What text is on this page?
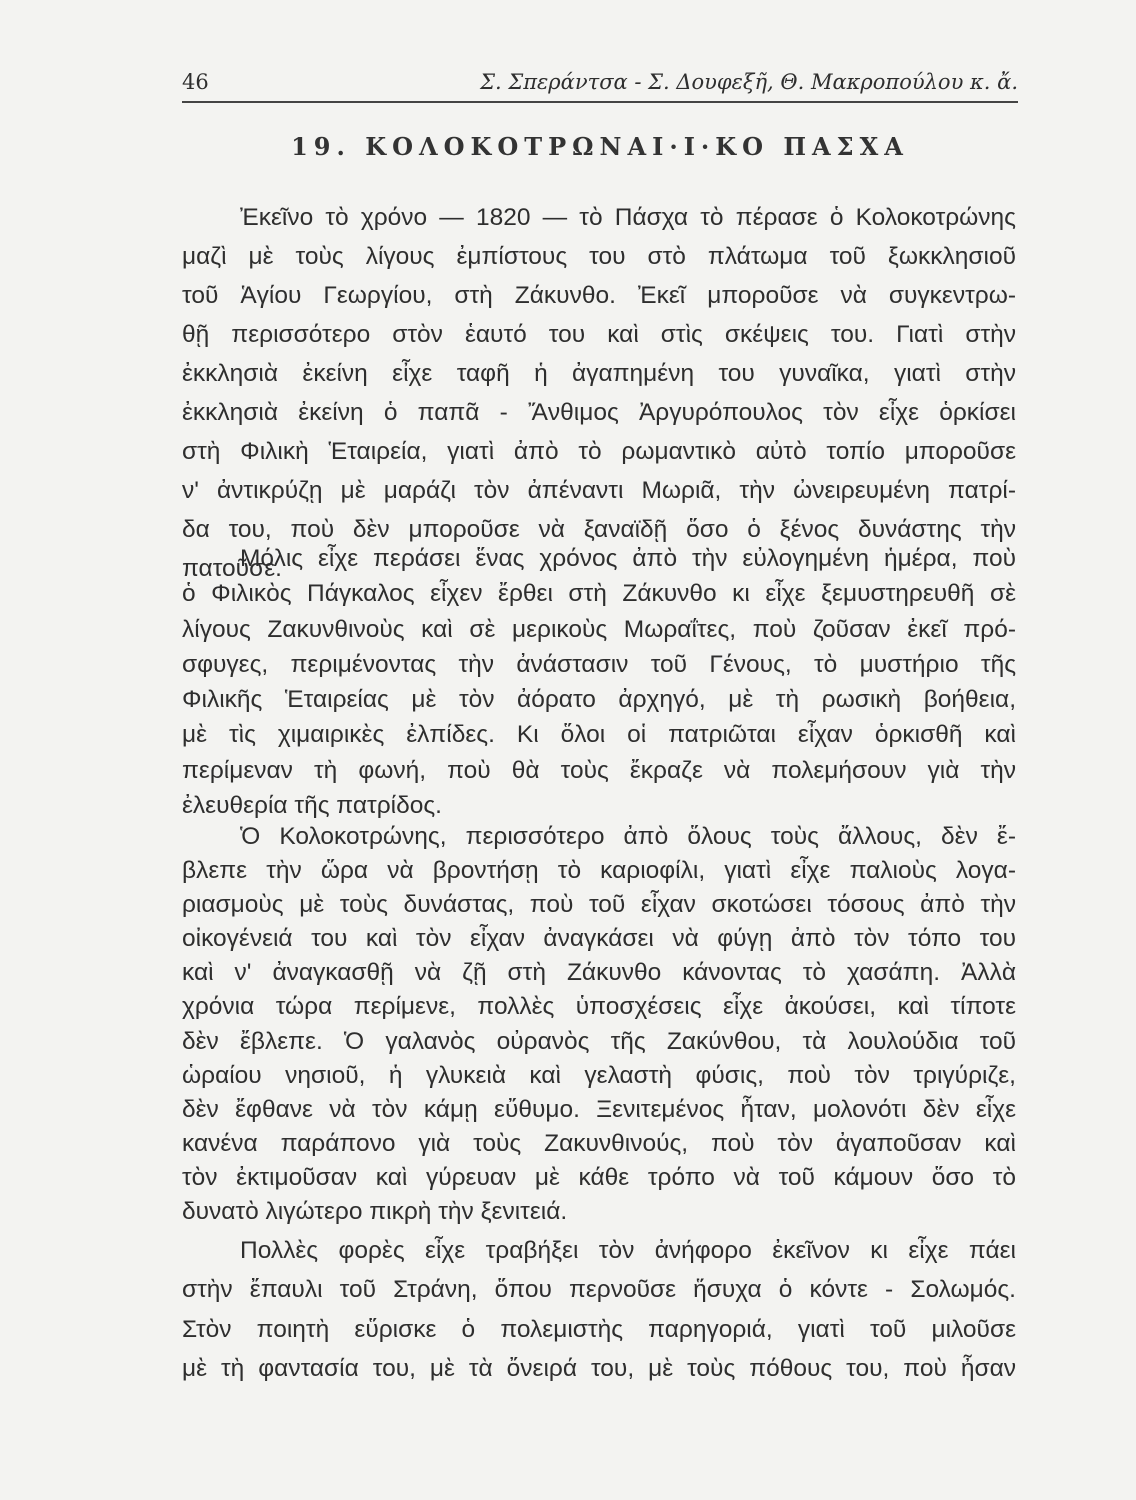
46	Σ. Σπεράντσα - Σ. Δουφεξῆ, Θ. Μακροπούλου κ. ἄ.
19. ΚΟΛΟΚΟΤΡΩΝΑΙ·Ι·ΚΟ ΠΑΣΧΑ
Ἐκεῖνο τὸ χρόνο — 1820 — τὸ Πάσχα τὸ πέρασε ὁ Κολοκοτρώνης
μαζὶ μὲ τοὺς λίγους ἐμπίστους του στὸ πλάτωμα τοῦ ξωκκλησιοῦ
τοῦ Ἁγίου Γεωργίου, στὴ Ζάκυνθο. Ἐκεῖ μποροῦσε νὰ συγκεντρω-
θῇ περισσότερο στὸν ἑαυτό του καὶ στὶς σκέψεις του. Γιατὶ στὴν
ἐκκλησιὰ ἐκείνη εἶχε ταφῆ ἡ ἀγαπημένη του γυναῖκα, γιατὶ στὴν
ἐκκλησιὰ ἐκείνη ὁ παπᾶ - Ἄνθιμος Ἀργυρόπουλος τὸν εἶχε ὁρκίσει
στὴ Φιλικὴ Ἑταιρεία, γιατὶ ἀπὸ τὸ ρωμαντικὸ αὐτὸ τοπίο μποροῦσε
ν' ἀντικρύζῃ μὲ μαράζι τὸν ἀπέναντι Μωριᾶ, τὴν ὠνειρευμένη πατρί-
δα του, ποὺ δὲν μποροῦσε νὰ ξαναϊδῇ ὅσο ὁ ξένος δυνάστης τὴν
πατοῦσε.
Μόλις εἶχε περάσει ἕνας χρόνος ἀπὸ τὴν εὐλογημένη ἡμέρα, ποὺ
ὁ Φιλικὸς Πάγκαλος εἶχεν ἔρθει στὴ Ζάκυνθο κι εἶχε ξεμυστηρευθῆ σὲ
λίγους Ζακυνθινοὺς καὶ σὲ μερικοὺς Μωραΐτες, ποὺ ζοῦσαν ἐκεῖ πρό-
σφυγες, περιμένοντας τὴν ἀνάστασιν τοῦ Γένους, τὸ μυστήριο τῆς
Φιλικῆς Ἑταιρείας μὲ τὸν ἀόρατο ἀρχηγό, μὲ τὴ ρωσικὴ βοήθεια,
μὲ τὶς χιμαιρικὲς ἐλπίδες. Κι ὅλοι οἱ πατριῶται εἶχαν ὁρκισθῆ καὶ
περίμεναν τὴ φωνή, ποὺ θὰ τοὺς ἔκραζε νὰ πολεμήσουν γιὰ τὴν
ἐλευθερία τῆς πατρίδος.
Ὁ Κολοκοτρώνης, περισσότερο ἀπὸ ὅλους τοὺς ἄλλους, δὲν ἔ-
βλεπε τὴν ὥρα νὰ βροντήσῃ τὸ καριοφίλι, γιατὶ εἶχε παλιοὺς λογα-
ριασμοὺς μὲ τοὺς δυνάστας, ποὺ τοῦ εἶχαν σκοτώσει τόσους ἀπὸ τὴν
οἰκογένειά του καὶ τὸν εἶχαν ἀναγκάσει νὰ φύγῃ ἀπὸ τὸν τόπο του
καὶ ν' ἀναγκασθῇ νὰ ζῇ στὴ Ζάκυνθο κάνοντας τὸ χασάπη. Ἀλλὰ
χρόνια τώρα περίμενε, πολλὲς ὑποσχέσεις εἶχε ἀκούσει, καὶ τίποτε
δὲν ἔβλεπε. Ὁ γαλανὸς οὐρανὸς τῆς Ζακύνθου, τὰ λουλούδια τοῦ
ὡραίου νησιοῦ, ἡ γλυκειὰ καὶ γελαστὴ φύσις, ποὺ τὸν τριγύριζε,
δὲν ἔφθανε νὰ τὸν κάμῃ εὔθυμο. Ξενιτεμένος ἦταν, μολονότι δὲν εἶχε
κανένα παράπονο γιὰ τοὺς Ζακυνθινούς, ποὺ τὸν ἀγαποῦσαν καὶ
τὸν ἐκτιμοῦσαν καὶ γύρευαν μὲ κάθε τρόπο νὰ τοῦ κάμουν ὅσο τὸ
δυνατὸ λιγώτερο πικρὴ τὴν ξενιτειά.
Πολλὲς φορὲς εἶχε τραβήξει τὸν ἀνήφορο ἐκεῖνον κι εἶχε πάει
στὴν ἔπαυλι τοῦ Στράνη, ὅπου περνοῦσε ἥσυχα ὁ κόντε - Σολωμός.
Στὸν ποιητὴ εὕρισκε ὁ πολεμιστὴς παρηγοριά, γιατὶ τοῦ μιλοῦσε
μὲ τὴ φαντασία του, μὲ τὰ ὄνειρά του, μὲ τοὺς πόθους του, ποὺ ἦσαν
